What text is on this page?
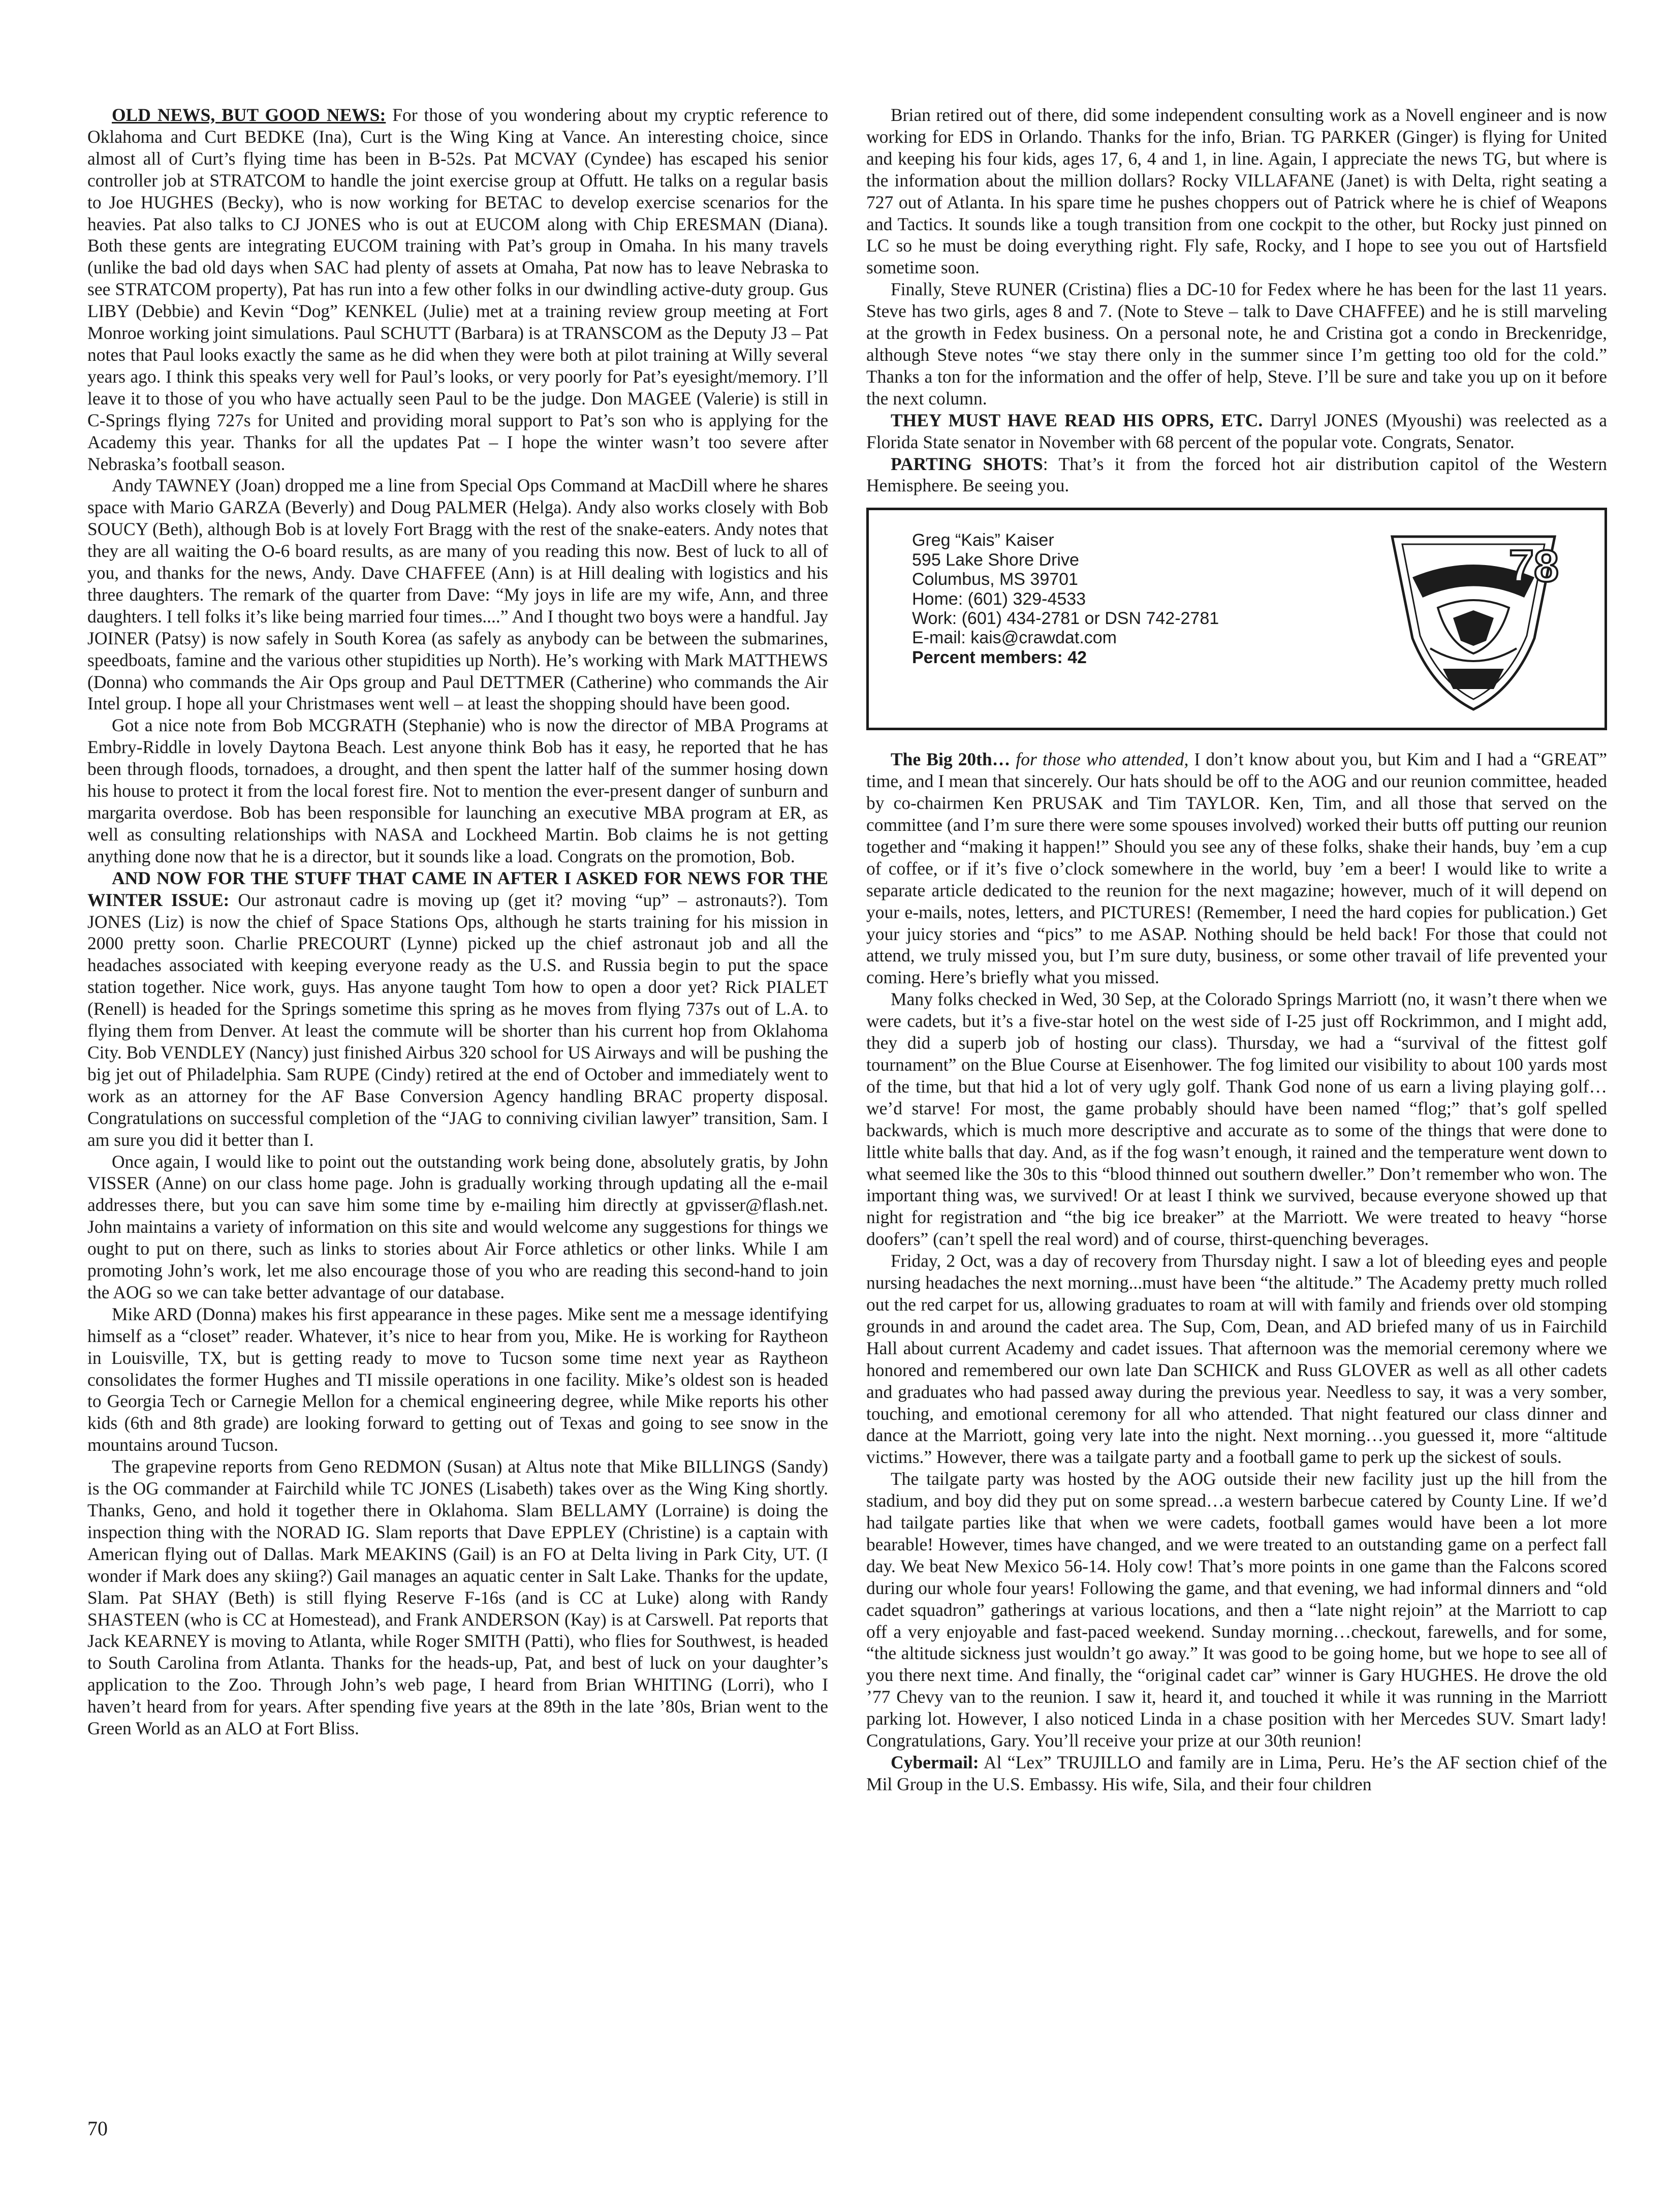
OLD NEWS, BUT GOOD NEWS: For those of you wondering about my cryptic reference to Oklahoma and Curt BEDKE (Ina), Curt is the Wing King at Vance. An interesting choice, since almost all of Curt’s flying time has been in B-52s. Pat MCVAY (Cyndee) has escaped his senior controller job at STRATCOM to handle the joint exercise group at Offutt. He talks on a regular basis to Joe HUGHES (Becky), who is now working for BETAC to develop exercise scenarios for the heavies. Pat also talks to CJ JONES who is out at EUCOM along with Chip ERESMAN (Diana). Both these gents are integrating EUCOM training with Pat’s group in Omaha. In his many travels (unlike the bad old days when SAC had plenty of assets at Omaha, Pat now has to leave Nebraska to see STRATCOM property), Pat has run into a few other folks in our dwindling active-duty group. Gus LIBY (Debbie) and Kevin “Dog” KENKEL (Julie) met at a training review group meeting at Fort Monroe working joint simulations. Paul SCHUTT (Barbara) is at TRANSCOM as the Deputy J3 – Pat notes that Paul looks exactly the same as he did when they were both at pilot training at Willy several years ago. I think this speaks very well for Paul’s looks, or very poorly for Pat’s eyesight/memory. I’ll leave it to those of you who have actually seen Paul to be the judge. Don MAGEE (Valerie) is still in C-Springs flying 727s for United and providing moral support to Pat’s son who is applying for the Academy this year. Thanks for all the updates Pat – I hope the winter wasn’t too severe after Nebraska’s football season.

Andy TAWNEY (Joan) dropped me a line from Special Ops Command at MacDill where he shares space with Mario GARZA (Beverly) and Doug PALMER (Helga). Andy also works closely with Bob SOUCY (Beth), although Bob is at lovely Fort Bragg with the rest of the snake-eaters. Andy notes that they are all waiting the O-6 board results, as are many of you reading this now. Best of luck to all of you, and thanks for the news, Andy. Dave CHAFFEE (Ann) is at Hill dealing with logistics and his three daughters. The remark of the quarter from Dave: “My joys in life are my wife, Ann, and three daughters. I tell folks it’s like being married four times....” And I thought two boys were a handful. Jay JOINER (Patsy) is now safely in South Korea (as safely as anybody can be between the submarines, speedboats, famine and the various other stupidities up North). He’s working with Mark MATTHEWS (Donna) who commands the Air Ops group and Paul DETTMER (Catherine) who commands the Air Intel group. I hope all your Christmases went well – at least the shopping should have been good.

Got a nice note from Bob MCGRATH (Stephanie) who is now the director of MBA Programs at Embry-Riddle in lovely Daytona Beach. Lest anyone think Bob has it easy, he reported that he has been through floods, tornadoes, a drought, and then spent the latter half of the summer hosing down his house to protect it from the local forest fire. Not to mention the ever-present danger of sunburn and margarita overdose. Bob has been responsible for launching an executive MBA program at ER, as well as consulting relationships with NASA and Lockheed Martin. Bob claims he is not getting anything done now that he is a director, but it sounds like a load. Congrats on the promotion, Bob.

AND NOW FOR THE STUFF THAT CAME IN AFTER I ASKED FOR NEWS FOR THE WINTER ISSUE: Our astronaut cadre is moving up (get it? moving “up” – astronauts?). Tom JONES (Liz) is now the chief of Space Stations Ops, although he starts training for his mission in 2000 pretty soon. Charlie PRECOURT (Lynne) picked up the chief astronaut job and all the headaches associated with keeping everyone ready as the U.S. and Russia begin to put the space station together. Nice work, guys. Has anyone taught Tom how to open a door yet? Rick PIALET (Renell) is headed for the Springs sometime this spring as he moves from flying 737s out of L.A. to flying them from Denver. At least the commute will be shorter than his current hop from Oklahoma City. Bob VENDLEY (Nancy) just finished Airbus 320 school for US Airways and will be pushing the big jet out of Philadelphia. Sam RUPE (Cindy) retired at the end of October and immediately went to work as an attorney for the AF Base Conversion Agency handling BRAC property disposal. Congratulations on successful completion of the “JAG to conniving civilian lawyer” transition, Sam. I am sure you did it better than I.

Once again, I would like to point out the outstanding work being done, absolutely gratis, by John VISSER (Anne) on our class home page. John is gradually working through updating all the e-mail addresses there, but you can save him some time by e-mailing him directly at gpvisser@flash.net. John maintains a variety of information on this site and would welcome any suggestions for things we ought to put on there, such as links to stories about Air Force athletics or other links. While I am promoting John’s work, let me also encourage those of you who are reading this second-hand to join the AOG so we can take better advantage of our database.

Mike ARD (Donna) makes his first appearance in these pages. Mike sent me a message identifying himself as a “closet” reader. Whatever, it’s nice to hear from you, Mike. He is working for Raytheon in Louisville, TX, but is getting ready to move to Tucson some time next year as Raytheon consolidates the former Hughes and TI missile operations in one facility. Mike’s oldest son is headed to Georgia Tech or Carnegie Mellon for a chemical engineering degree, while Mike reports his other kids (6th and 8th grade) are looking forward to getting out of Texas and going to see snow in the mountains around Tucson.

The grapevine reports from Geno REDMON (Susan) at Altus note that Mike BILLINGS (Sandy) is the OG commander at Fairchild while TC JONES (Lisabeth) takes over as the Wing King shortly. Thanks, Geno, and hold it together there in Oklahoma. Slam BELLAMY (Lorraine) is doing the inspection thing with the NORAD IG. Slam reports that Dave EPPLEY (Christine) is a captain with American flying out of Dallas. Mark MEAKINS (Gail) is an FO at Delta living in Park City, UT. (I wonder if Mark does any skiing?) Gail manages an aquatic center in Salt Lake. Thanks for the update, Slam. Pat SHAY (Beth) is still flying Reserve F-16s (and is CC at Luke) along with Randy SHASTEEN (who is CC at Homestead), and Frank ANDERSON (Kay) is at Carswell. Pat reports that Jack KEARNEY is moving to Atlanta, while Roger SMITH (Patti), who flies for Southwest, is headed to South Carolina from Atlanta. Thanks for the heads-up, Pat, and best of luck on your daughter’s application to the Zoo. Through John’s web page, I heard from Brian WHITING (Lorri), who I haven’t heard from for years. After spending five years at the 89th in the late ’80s, Brian went to the Green World as an ALO at Fort Bliss.

Brian retired out of there, did some independent consulting work as a Novell engineer and is now working for EDS in Orlando. Thanks for the info, Brian. TG PARKER (Ginger) is flying for United and keeping his four kids, ages 17, 6, 4 and 1, in line. Again, I appreciate the news TG, but where is the information about the million dollars? Rocky VILLAFANE (Janet) is with Delta, right seating a 727 out of Atlanta. In his spare time he pushes choppers out of Patrick where he is chief of Weapons and Tactics. It sounds like a tough transition from one cockpit to the other, but Rocky just pinned on LC so he must be doing everything right. Fly safe, Rocky, and I hope to see you out of Hartsfield sometime soon.

Finally, Steve RUNER (Cristina) flies a DC-10 for Fedex where he has been for the last 11 years. Steve has two girls, ages 8 and 7. (Note to Steve – talk to Dave CHAFFEE) and he is still marveling at the growth in Fedex business. On a personal note, he and Cristina got a condo in Breckenridge, although Steve notes “we stay there only in the summer since I’m getting too old for the cold.” Thanks a ton for the information and the offer of help, Steve. I’ll be sure and take you up on it before the next column.

THEY MUST HAVE READ HIS OPRS, ETC. Darryl JONES (Myoushi) was reelected as a Florida State senator in November with 68 percent of the popular vote. Congrats, Senator.

PARTING SHOTS: That’s it from the forced hot air distribution capitol of the Western Hemisphere. Be seeing you.

Greg “Kais” Kaiser
595 Lake Shore Drive
Columbus, MS 39701
Home: (601) 329-4533
Work: (601) 434-2781 or DSN 742-2781
E-mail: kais@crawdat.com
Percent members: 42
78

The Big 20th… for those who attended, I don’t know about you, but Kim and I had a “GREAT” time, and I mean that sincerely. Our hats should be off to the AOG and our reunion committee, headed by co-chairmen Ken PRUSAK and Tim TAYLOR. Ken, Tim, and all those that served on the committee (and I’m sure there were some spouses involved) worked their butts off putting our reunion together and “making it happen!” Should you see any of these folks, shake their hands, buy ’em a cup of coffee, or if it’s five o’clock somewhere in the world, buy ’em a beer! I would like to write a separate article dedicated to the reunion for the next magazine; however, much of it will depend on your e-mails, notes, letters, and PICTURES! (Remember, I need the hard copies for publication.) Get your juicy stories and “pics” to me ASAP. Nothing should be held back! For those that could not attend, we truly missed you, but I’m sure duty, business, or some other travail of life prevented your coming. Here’s briefly what you missed.

Many folks checked in Wed, 30 Sep, at the Colorado Springs Marriott (no, it wasn’t there when we were cadets, but it’s a five-star hotel on the west side of I-25 just off Rockrimmon, and I might add, they did a superb job of hosting our class). Thursday, we had a “survival of the fittest golf tournament” on the Blue Course at Eisenhower. The fog limited our visibility to about 100 yards most of the time, but that hid a lot of very ugly golf. Thank God none of us earn a living playing golf…we’d starve! For most, the game probably should have been named “flog;” that’s golf spelled backwards, which is much more descriptive and accurate as to some of the things that were done to little white balls that day. And, as if the fog wasn’t enough, it rained and the temperature went down to what seemed like the 30s to this “blood thinned out southern dweller.” Don’t remember who won. The important thing was, we survived! Or at least I think we survived, because everyone showed up that night for registration and “the big ice breaker” at the Marriott. We were treated to heavy “horse doofers” (can’t spell the real word) and of course, thirst-quenching beverages.

Friday, 2 Oct, was a day of recovery from Thursday night. I saw a lot of bleeding eyes and people nursing headaches the next morning...must have been “the altitude.” The Academy pretty much rolled out the red carpet for us, allowing graduates to roam at will with family and friends over old stomping grounds in and around the cadet area. The Sup, Com, Dean, and AD briefed many of us in Fairchild Hall about current Academy and cadet issues. That afternoon was the memorial ceremony where we honored and remembered our own late Dan SCHICK and Russ GLOVER as well as all other cadets and graduates who had passed away during the previous year. Needless to say, it was a very somber, touching, and emotional ceremony for all who attended. That night featured our class dinner and dance at the Marriott, going very late into the night. Next morning…you guessed it, more “altitude victims.” However, there was a tailgate party and a football game to perk up the sickest of souls.

The tailgate party was hosted by the AOG outside their new facility just up the hill from the stadium, and boy did they put on some spread…a western barbecue catered by County Line. If we’d had tailgate parties like that when we were cadets, football games would have been a lot more bearable! However, times have changed, and we were treated to an outstanding game on a perfect fall day. We beat New Mexico 56-14. Holy cow! That’s more points in one game than the Falcons scored during our whole four years! Following the game, and that evening, we had informal dinners and “old cadet squadron” gatherings at various locations, and then a “late night rejoin” at the Marriott to cap off a very enjoyable and fast-paced weekend. Sunday morning…checkout, farewells, and for some, “the altitude sickness just wouldn’t go away.” It was good to be going home, but we hope to see all of you there next time. And finally, the “original cadet car” winner is Gary HUGHES. He drove the old ’77 Chevy van to the reunion. I saw it, heard it, and touched it while it was running in the Marriott parking lot. However, I also noticed Linda in a chase position with her Mercedes SUV. Smart lady! Congratulations, Gary. You’ll receive your prize at our 30th reunion!

Cybermail: Al “Lex” TRUJILLO and family are in Lima, Peru. He’s the AF section chief of the Mil Group in the U.S. Embassy. His wife, Sila, and their four children

70
